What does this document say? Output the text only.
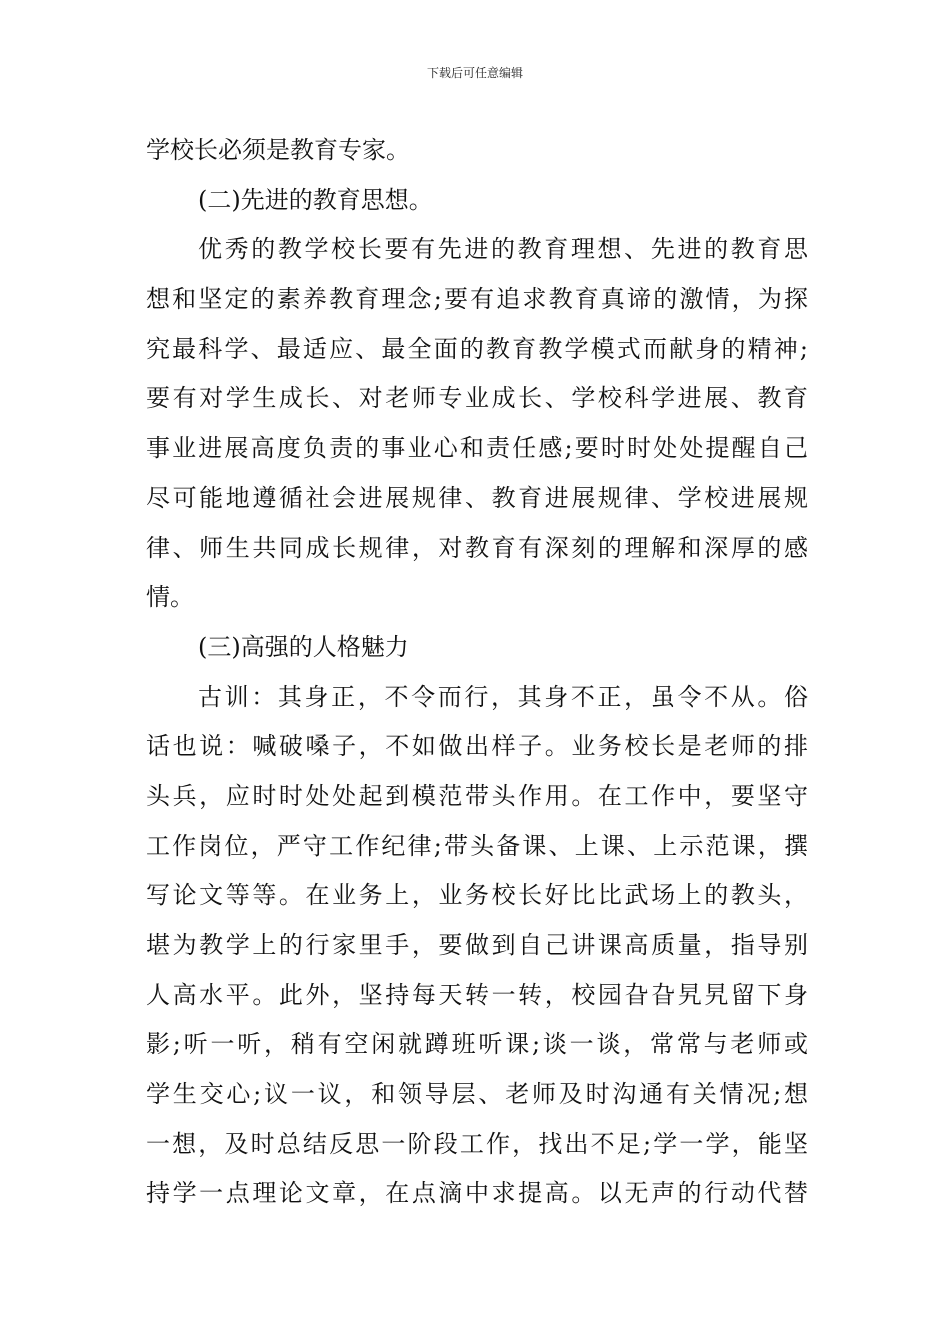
下载后可任意编辑
学校长必须是教育专家。
(二)先进的教育思想。
优秀的教学校长要有先进的教育理想、先进的教育思
想和坚定的素养教育理念;要有追求教育真谛的激情，为探
究最科学、最适应、最全面的教育教学模式而献身的精神;
要有对学生成长、对老师专业成长、学校科学进展、教育
事业进展高度负责的事业心和责任感;要时时处处提醒自己
尽可能地遵循社会进展规律、教育进展规律、学校进展规
律、师生共同成长规律，对教育有深刻的理解和深厚的感
情。
(三)高强的人格魅力
古训：其身正，不令而行，其身不正，虽令不从。俗
话也说：喊破嗓子，不如做出样子。业务校长是老师的排
头兵，应时时处处起到模范带头作用。在工作中，要坚守
工作岗位，严守工作纪律;带头备课、上课、上示范课，撰
写论文等等。在业务上，业务校长好比比武场上的教头，
堪为教学上的行家里手，要做到自己讲课高质量，指导别
人高水平。此外，坚持每天转一转，校园旮旮旯旯留下身
影;听一听，稍有空闲就蹲班听课;谈一谈，常常与老师或
学生交心;议一议，和领导层、老师及时沟通有关情况;想
一想，及时总结反思一阶段工作，找出不足;学一学，能坚
持学一点理论文章，在点滴中求提高。以无声的行动代替
